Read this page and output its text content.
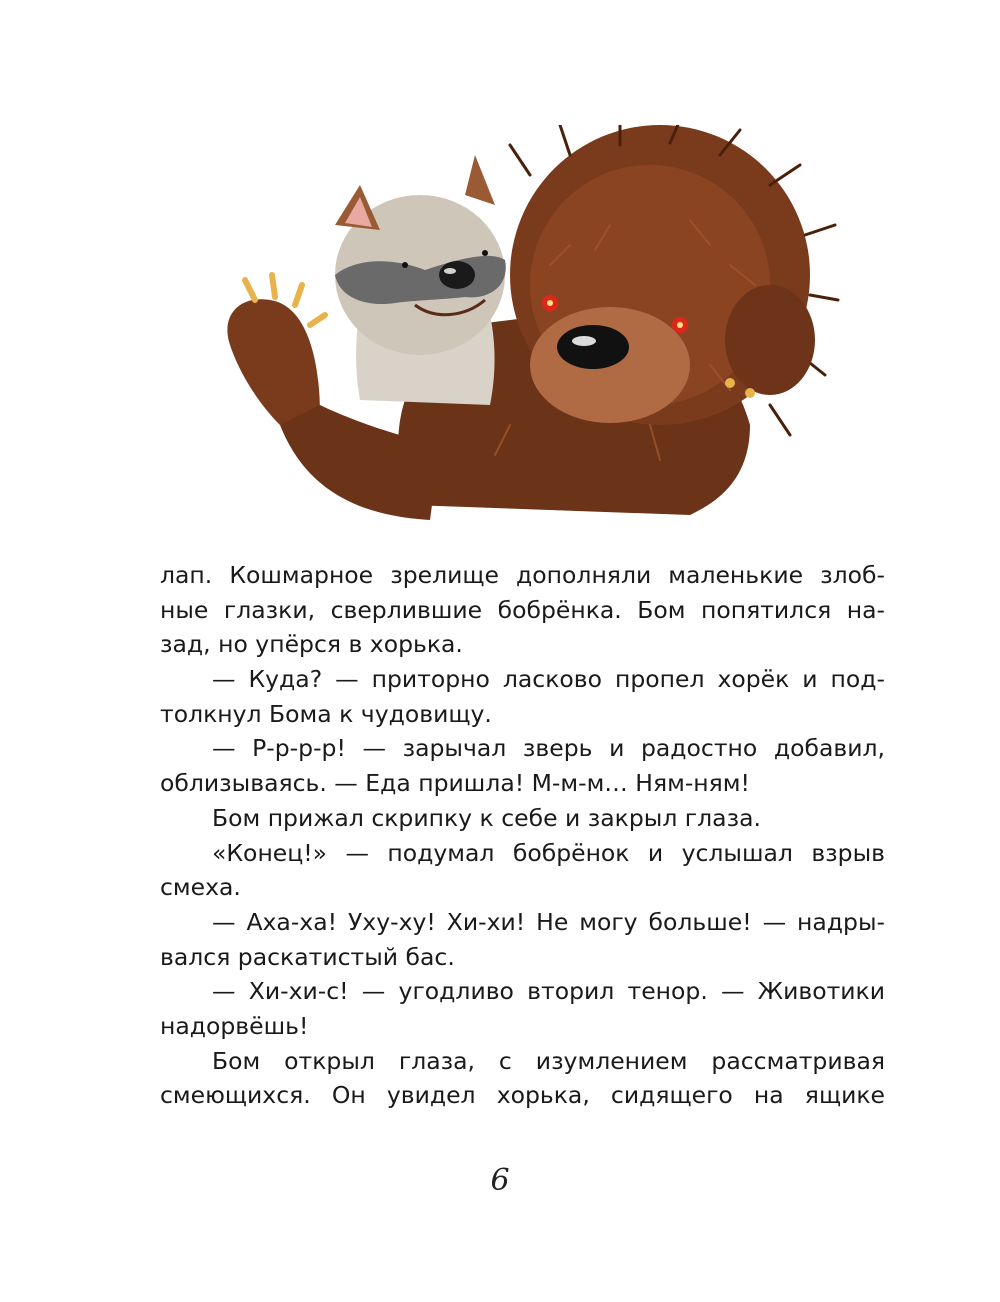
лап. Кошмарное зрелище дополняли маленькие злоб-
ные глазки, сверлившие бобрёнка. Бом попятился на-
зад, но упёрся в хорька.
— Куда? — приторно ласково пропел хорёк и под-
толкнул Бома к чудовищу.
— Р-р-р-р! — зарычал зверь и радостно добавил,
облизываясь. — Еда пришла! М-м-м… Ням-ням!
Бом прижал скрипку к себе и закрыл глаза.
«Конец!» — подумал бобрёнок и услышал взрыв
смеха.
— Аха-ха! Уху-ху! Хи-хи! Не могу больше! — надры-
вался раскатистый бас.
— Хи-хи-с! — угодливо вторил тенор. — Животики
надорвёшь!
Бом открыл глаза, с изумлением рассматривая
смеющихся. Он увидел хорька, сидящего на ящике
6
